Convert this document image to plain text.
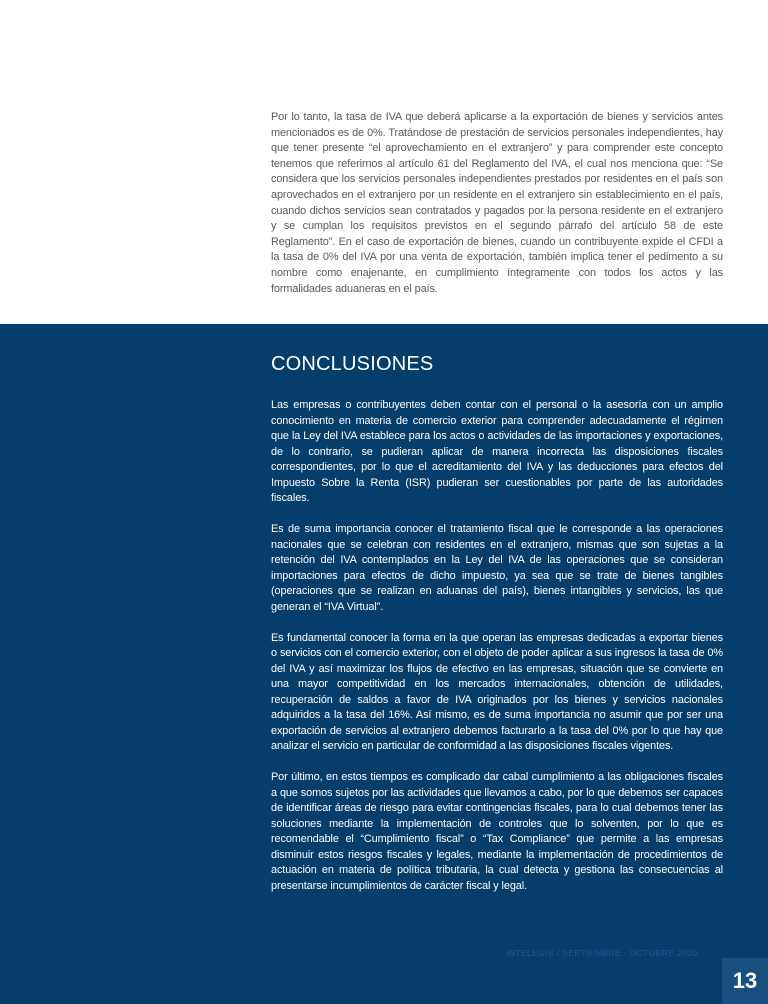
Por lo tanto, la tasa de IVA que deberá aplicarse a la exportación de bienes y servicios antes mencionados es de 0%. Tratándose de prestación de servicios personales independientes, hay que tener presente “el aprovechamiento en el extranjero” y para comprender este concepto tenemos que referirnos al artículo 61 del Reglamento del IVA, el cual nos menciona que: “Se considera que los servicios personales independientes prestados por residentes en el país son aprovechados en el extranjero por un residente en el extranjero sin establecimiento en el país, cuando dichos servicios sean contratados y pagados por la persona residente en el extranjero y se cumplan los requisitos previstos en el segundo párrafo del artículo 58 de este Reglamento”. En el caso de exportación de bienes, cuando un contribuyente expide el CFDI a la tasa de 0% del IVA por una venta de exportación, también implica tener el pedimento a su nombre como enajenante, en cumplimiento íntegramente con todos los actos y las formalidades aduaneras en el país.

CONCLUSIONES

Las empresas o contribuyentes deben contar con el personal o la asesoría con un amplio conocimiento en materia de comercio exterior para comprender adecuadamente el régimen que la Ley del IVA establece para los actos o actividades de las importaciones y exportaciones, de lo contrario, se pudieran aplicar de manera incorrecta las disposiciones fiscales correspondientes, por lo que el acreditamiento del IVA y las deducciones para efectos del Impuesto Sobre la Renta (ISR) pudieran ser cuestionables por parte de las autoridades fiscales.

Es de suma importancia conocer el tratamiento fiscal que le corresponde a las operaciones nacionales que se celebran con residentes en el extranjero, mismas que son sujetas a la retención del IVA contemplados en la Ley del IVA de las operaciones que se consideran importaciones para efectos de dicho impuesto, ya sea que se trate de bienes tangibles (operaciones que se realizan en aduanas del país), bienes intangibles y servicios, las que generan el “IVA Virtual”.

Es fundamental conocer la forma en la que operan las empresas dedicadas a exportar bienes o servicios con el comercio exterior, con el objeto de poder aplicar a sus ingresos la tasa de 0% del IVA y así maximizar los flujos de efectivo en las empresas, situación que se convierte en una mayor competitividad en los mercados internacionales, obtención de utilidades, recuperación de saldos a favor de IVA originados por los bienes y servicios nacionales adquiridos a la tasa del 16%. Así mismo, es de suma importancia no asumir que por ser una exportación de servicios al extranjero debemos facturarlo a la tasa del 0% por lo que hay que analizar el servicio en particular de conformidad a las disposiciones fiscales vigentes.

Por último, en estos tiempos es complicado dar cabal cumplimiento a las obligaciones fiscales a que somos sujetos por las actividades que llevamos a cabo, por lo que debemos ser capaces de identificar áreas de riesgo para evitar contingencias fiscales, para lo cual debemos tener las soluciones mediante la implementación de controles que lo solventen, por lo que es recomendable el “Cumplimiento fiscal” o “Tax Compliance” que permite a las empresas disminuir estos riesgos fiscales y legales, mediante la implementación de procedimientos de actuación en materia de política tributaria, la cual detecta y gestiona las consecuencias al presentarse incumplimientos de carácter fiscal y legal.

INTELEGIS / SEPTIEMBRE - OCTUBRE 2020
13
